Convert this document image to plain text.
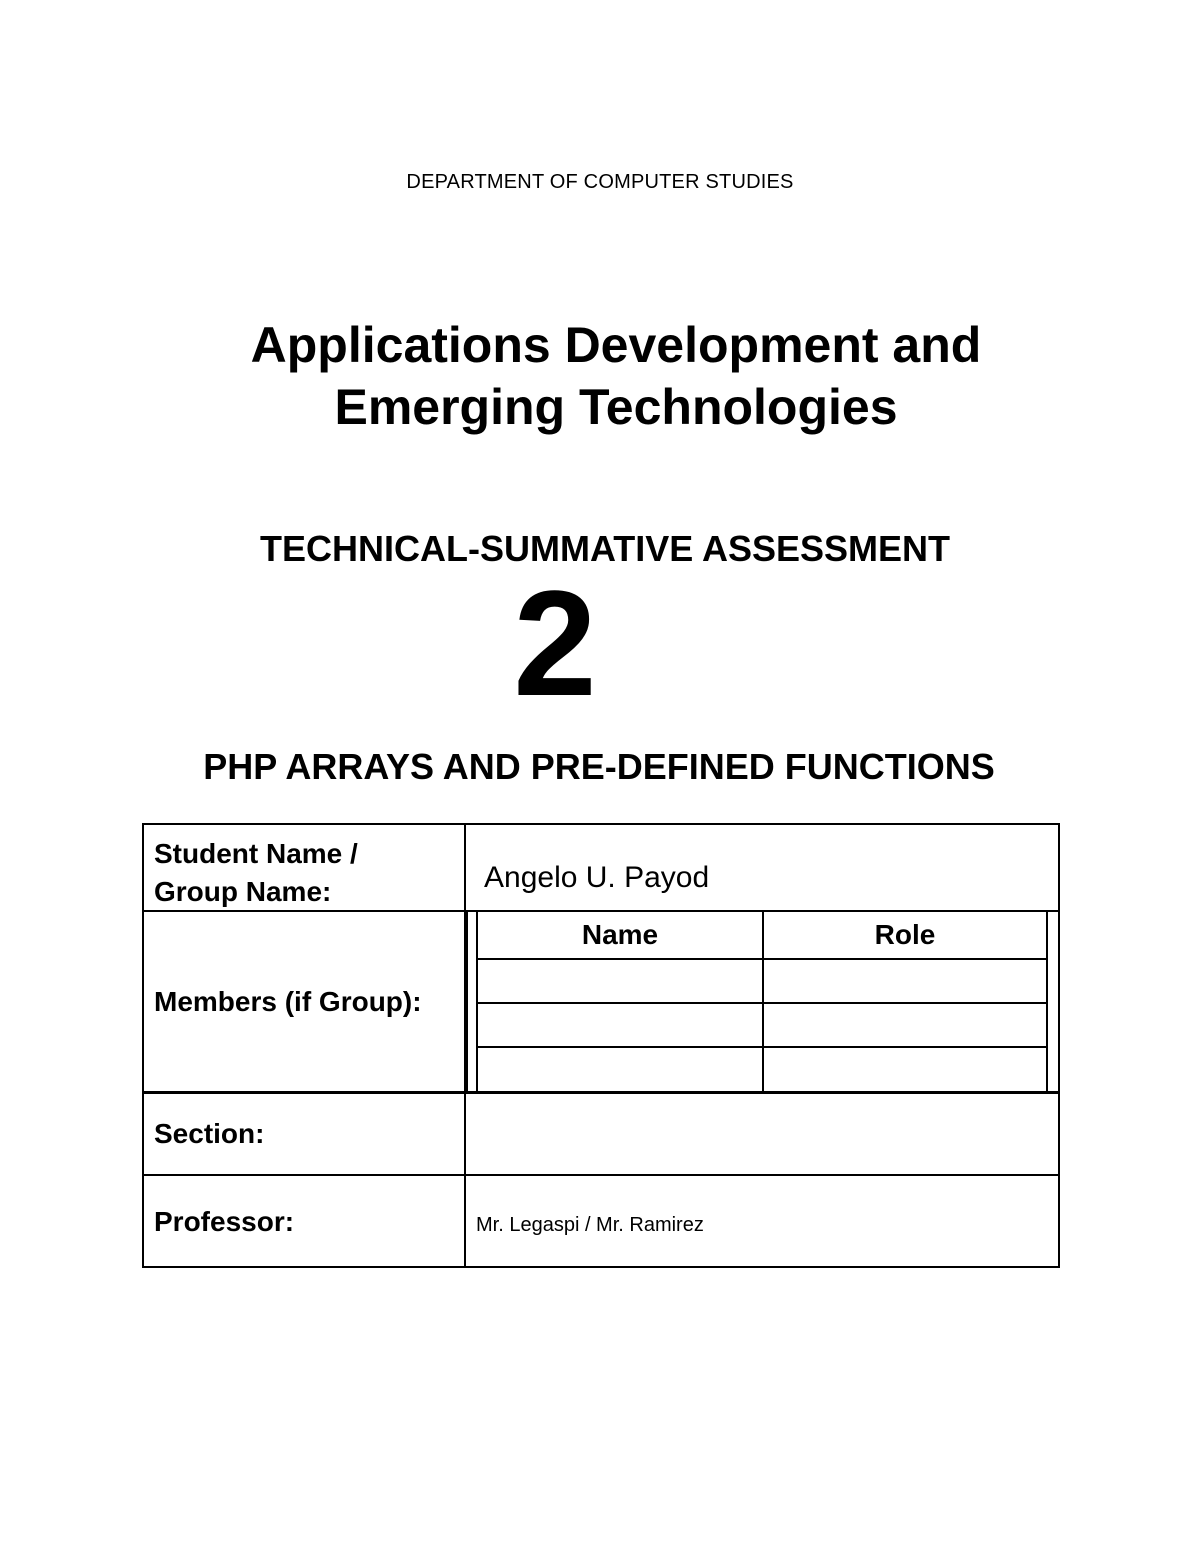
DEPARTMENT OF COMPUTER STUDIES
Applications Development and
Emerging Technologies
TECHNICAL-SUMMATIVE ASSESSMENT
2
PHP ARRAYS AND PRE-DEFINED FUNCTIONS
Student Name /
Group Name:	Angelo U. Payod
Members (if Group):
Name	Role
Section:
Professor:	Mr. Legaspi / Mr. Ramirez
